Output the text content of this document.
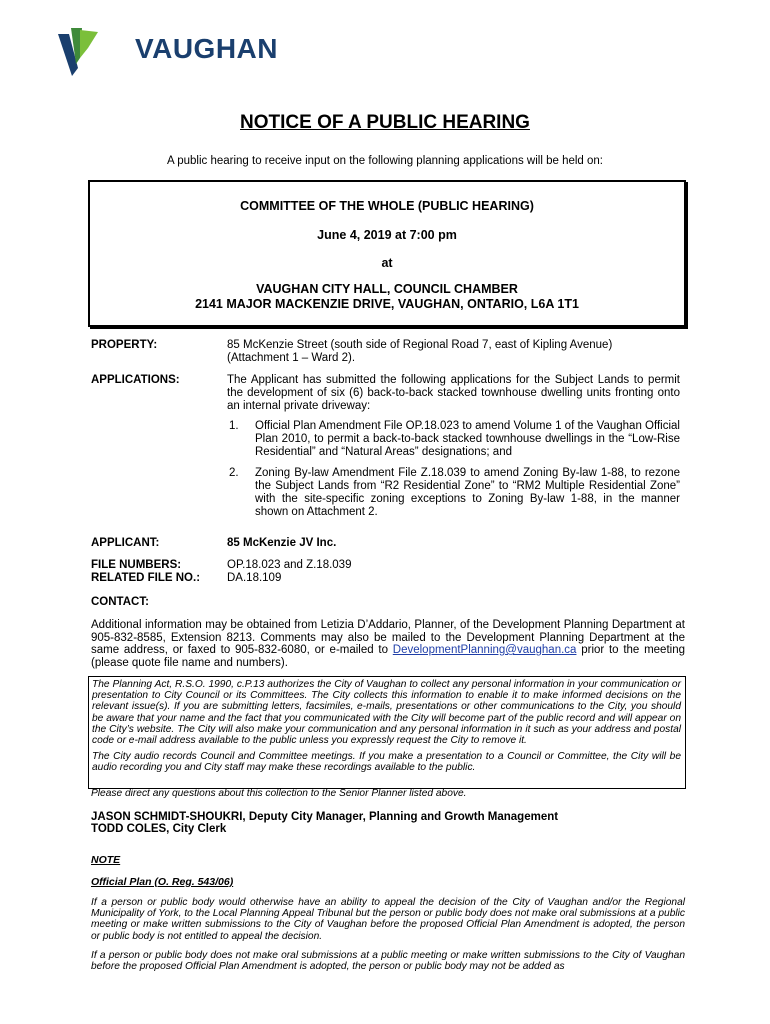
VAUGHAN
NOTICE OF A PUBLIC HEARING
A public hearing to receive input on the following planning applications will be held on:
COMMITTEE OF THE WHOLE (PUBLIC HEARING)
June 4, 2019 at 7:00 pm
at
VAUGHAN CITY HALL, COUNCIL CHAMBER
2141 MAJOR MACKENZIE DRIVE, VAUGHAN, ONTARIO, L6A 1T1
PROPERTY:	85 McKenzie Street (south side of Regional Road 7, east of Kipling Avenue)
(Attachment 1 – Ward 2).
APPLICATIONS:	The Applicant has submitted the following applications for the Subject Lands to permit the development of six (6) back-to-back stacked townhouse dwelling units fronting onto an internal private driveway:
1. Official Plan Amendment File OP.18.023 to amend Volume 1 of the Vaughan Official Plan 2010, to permit a back-to-back stacked townhouse dwellings in the “Low-Rise Residential” and “Natural Areas” designations; and
2. Zoning By-law Amendment File Z.18.039 to amend Zoning By-law 1-88, to rezone the Subject Lands from “R2 Residential Zone” to “RM2 Multiple Residential Zone” with the site-specific zoning exceptions to Zoning By-law 1-88, in the manner shown on Attachment 2.
APPLICANT:	85 McKenzie JV Inc.
FILE NUMBERS:	OP.18.023 and Z.18.039
RELATED FILE NO.: DA.18.109
CONTACT:
Additional information may be obtained from Letizia D’Addario, Planner, of the Development Planning Department at 905-832-8585, Extension 8213. Comments may also be mailed to the Development Planning Department at the same address, or faxed to 905-832-6080, or e-mailed to DevelopmentPlanning@vaughan.ca prior to the meeting (please quote file name and numbers).

The Planning Act, R.S.O. 1990, c.P.13 authorizes the City of Vaughan to collect any personal information in your communication or presentation to City Council or its Committees. The City collects this information to enable it to make informed decisions on the relevant issue(s). If you are submitting letters, facsimiles, e-mails, presentations or other communications to the City, you should be aware that your name and the fact that you communicated with the City will become part of the public record and will appear on the City’s website. The City will also make your communication and any personal information in it such as your address and postal code or e-mail address available to the public unless you expressly request the City to remove it.

The City audio records Council and Committee meetings. If you make a presentation to a Council or Committee, the City will be audio recording you and City staff may make these recordings available to the public.

Please direct any questions about this collection to the Senior Planner listed above.
JASON SCHMIDT-SHOUKRI, Deputy City Manager, Planning and Growth Management
TODD COLES, City Clerk
NOTE
Official Plan (O. Reg. 543/06)
If a person or public body would otherwise have an ability to appeal the decision of the City of Vaughan and/or the Regional Municipality of York, to the Local Planning Appeal Tribunal but the person or public body does not make oral submissions at a public meeting or make written submissions to the City of Vaughan before the proposed Official Plan Amendment is adopted, the person or public body is not entitled to appeal the decision.
If a person or public body does not make oral submissions at a public meeting or make written submissions to the City of Vaughan before the proposed Official Plan Amendment is adopted, the person or public body may not be added as
